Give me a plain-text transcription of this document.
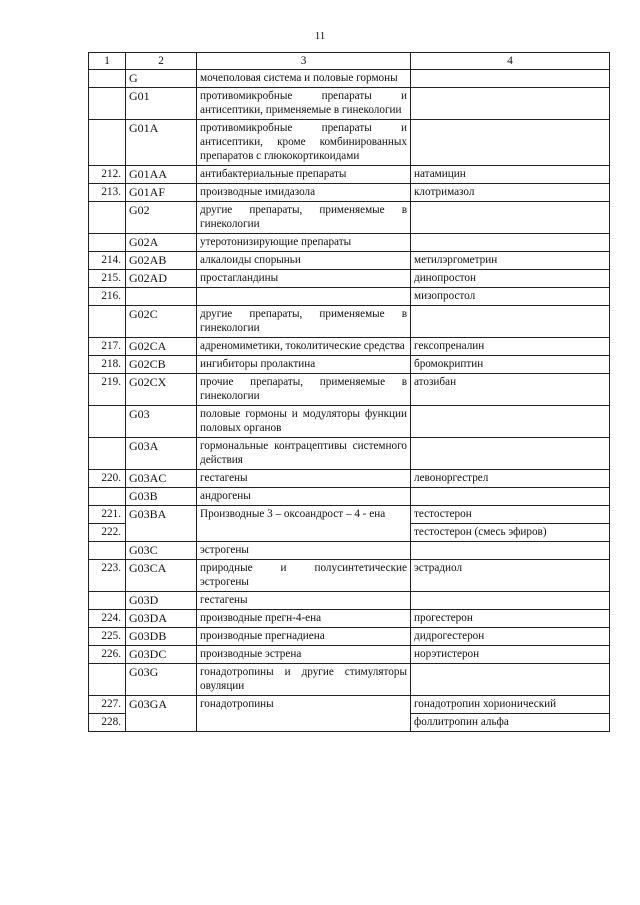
11
1	2	3	4
	G	мочеполовая система и половые гормоны	
	G01	противомикробные препараты и антисептики, применяемые в гинекологии	
	G01A	противомикробные препараты и антисептики, кроме комбинированных препаратов с глюкокортикоидами	
212.	G01AA	антибактериальные препараты	натамицин
213.	G01AF	производные имидазола	клотримазол
	G02	другие препараты, применяемые в гинекологии	
	G02A	утеротонизирующие препараты	
214.	G02AB	алкалоиды спорыньи	метилэргометрин
215.	G02AD	простагландины	динопростон
216.			мизопростол
	G02C	другие препараты, применяемые в гинекологии	
217.	G02CA	адреномиметики, токолитические средства	гексопреналин
218.	G02CB	ингибиторы пролактина	бромокриптин
219.	G02CX	прочие препараты, применяемые в гинекологии	атозибан
	G03	половые гормоны и модуляторы функции половых органов	
	G03A	гормональные контрацептивы системного действия	
220.	G03AC	гестагены	левоноргестрел
	G03B	андрогены	
221.	G03BA	Производные 3 – оксоандрост – 4 - ена	тестостерон
222.			тестостерон (смесь эфиров)
	G03C	эстрогены	
223.	G03CA	природные и полусинтетические эстрогены	эстрадиол
	G03D	гестагены	
224.	G03DA	производные прегн-4-ена	прогестерон
225.	G03DB	производные прегнадиена	дидрогестерон
226.	G03DC	производные эстрена	норэтистерон
	G03G	гонадотропины и другие стимуляторы овуляции	
227.	G03GA	гонадотропины	гонадотропин хорионический
228.			фоллитропин альфа
